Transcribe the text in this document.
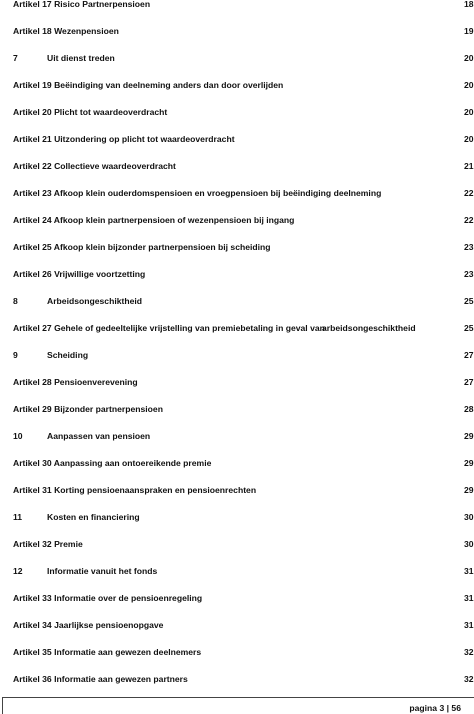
Artikel 17 Risico Partnerpensioen	18
Artikel 18 Wezenpensioen	19
7	Uit dienst treden	20
Artikel 19 Beëindiging van deelneming anders dan door overlijden	20
Artikel 20 Plicht tot waardeoverdracht	20
Artikel 21 Uitzondering op plicht tot waardeoverdracht	20
Artikel 22 Collectieve waardeoverdracht	21
Artikel 23 Afkoop klein ouderdomspensioen en vroegpensioen bij beëindiging deelneming	22
Artikel 24 Afkoop klein partnerpensioen of wezenpensioen bij ingang	22
Artikel 25 Afkoop klein bijzonder partnerpensioen bij scheiding	23
Artikel 26 Vrijwillige voortzetting	23
8	Arbeidsongeschiktheid	25
Artikel 27 Gehele of gedeeltelijke vrijstelling van premiebetaling in geval van
arbeidsongeschiktheid	25
9	Scheiding	27
Artikel 28 Pensioenverevening	27
Artikel 29 Bijzonder partnerpensioen	28
10	Aanpassen van pensioen	29
Artikel 30 Aanpassing aan ontoereikende premie	29
Artikel 31 Korting pensioenaanspraken en pensioenrechten	29
11	Kosten en financiering	30
Artikel 32 Premie	30
12	Informatie vanuit het fonds	31
Artikel 33 Informatie over de pensioenregeling	31
Artikel 34 Jaarlijkse pensioenopgave	31
Artikel 35 Informatie aan gewezen deelnemers	32
Artikel 36 Informatie aan gewezen partners	32
pagina 3 | 56
